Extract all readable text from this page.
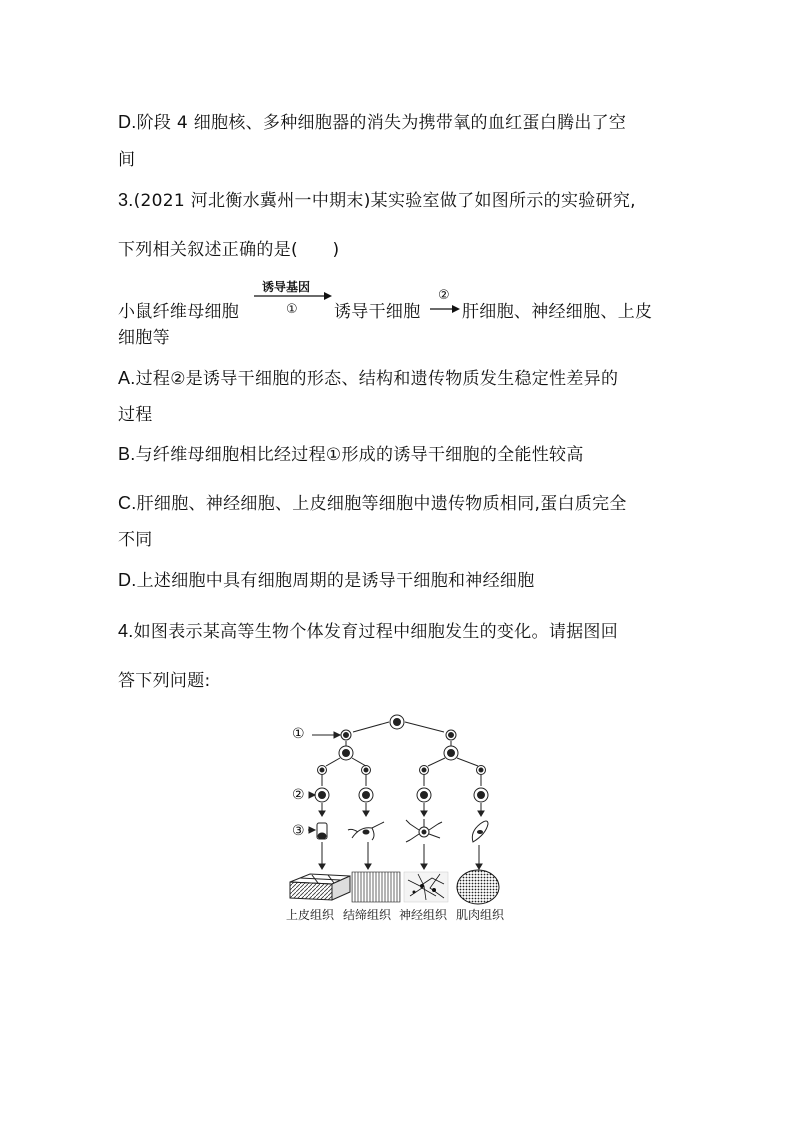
D.阶段 4 细胞核、多种细胞器的消失为携带氧的血红蛋白腾出了空
间
3.(2021 河北衡水冀州一中期末)某实验室做了如图所示的实验研究,
下列相关叙述正确的是(　　)
小鼠纤维母细胞
诱导基因
① 诱导干细胞
②
肝细胞、神经细胞、上皮
细胞等
A.过程②是诱导干细胞的形态、结构和遗传物质发生稳定性差异的
过程
B.与纤维母细胞相比经过程①形成的诱导干细胞的全能性较高
C.肝细胞、神经细胞、上皮细胞等细胞中遗传物质相同,蛋白质完全
不同
D.上述细胞中具有细胞周期的是诱导干细胞和神经细胞
4.如图表示某高等生物个体发育过程中细胞发生的变化。请据图回
答下列问题:
①
②
③
上皮组织 结缔组织 神经组织 肌肉组织
